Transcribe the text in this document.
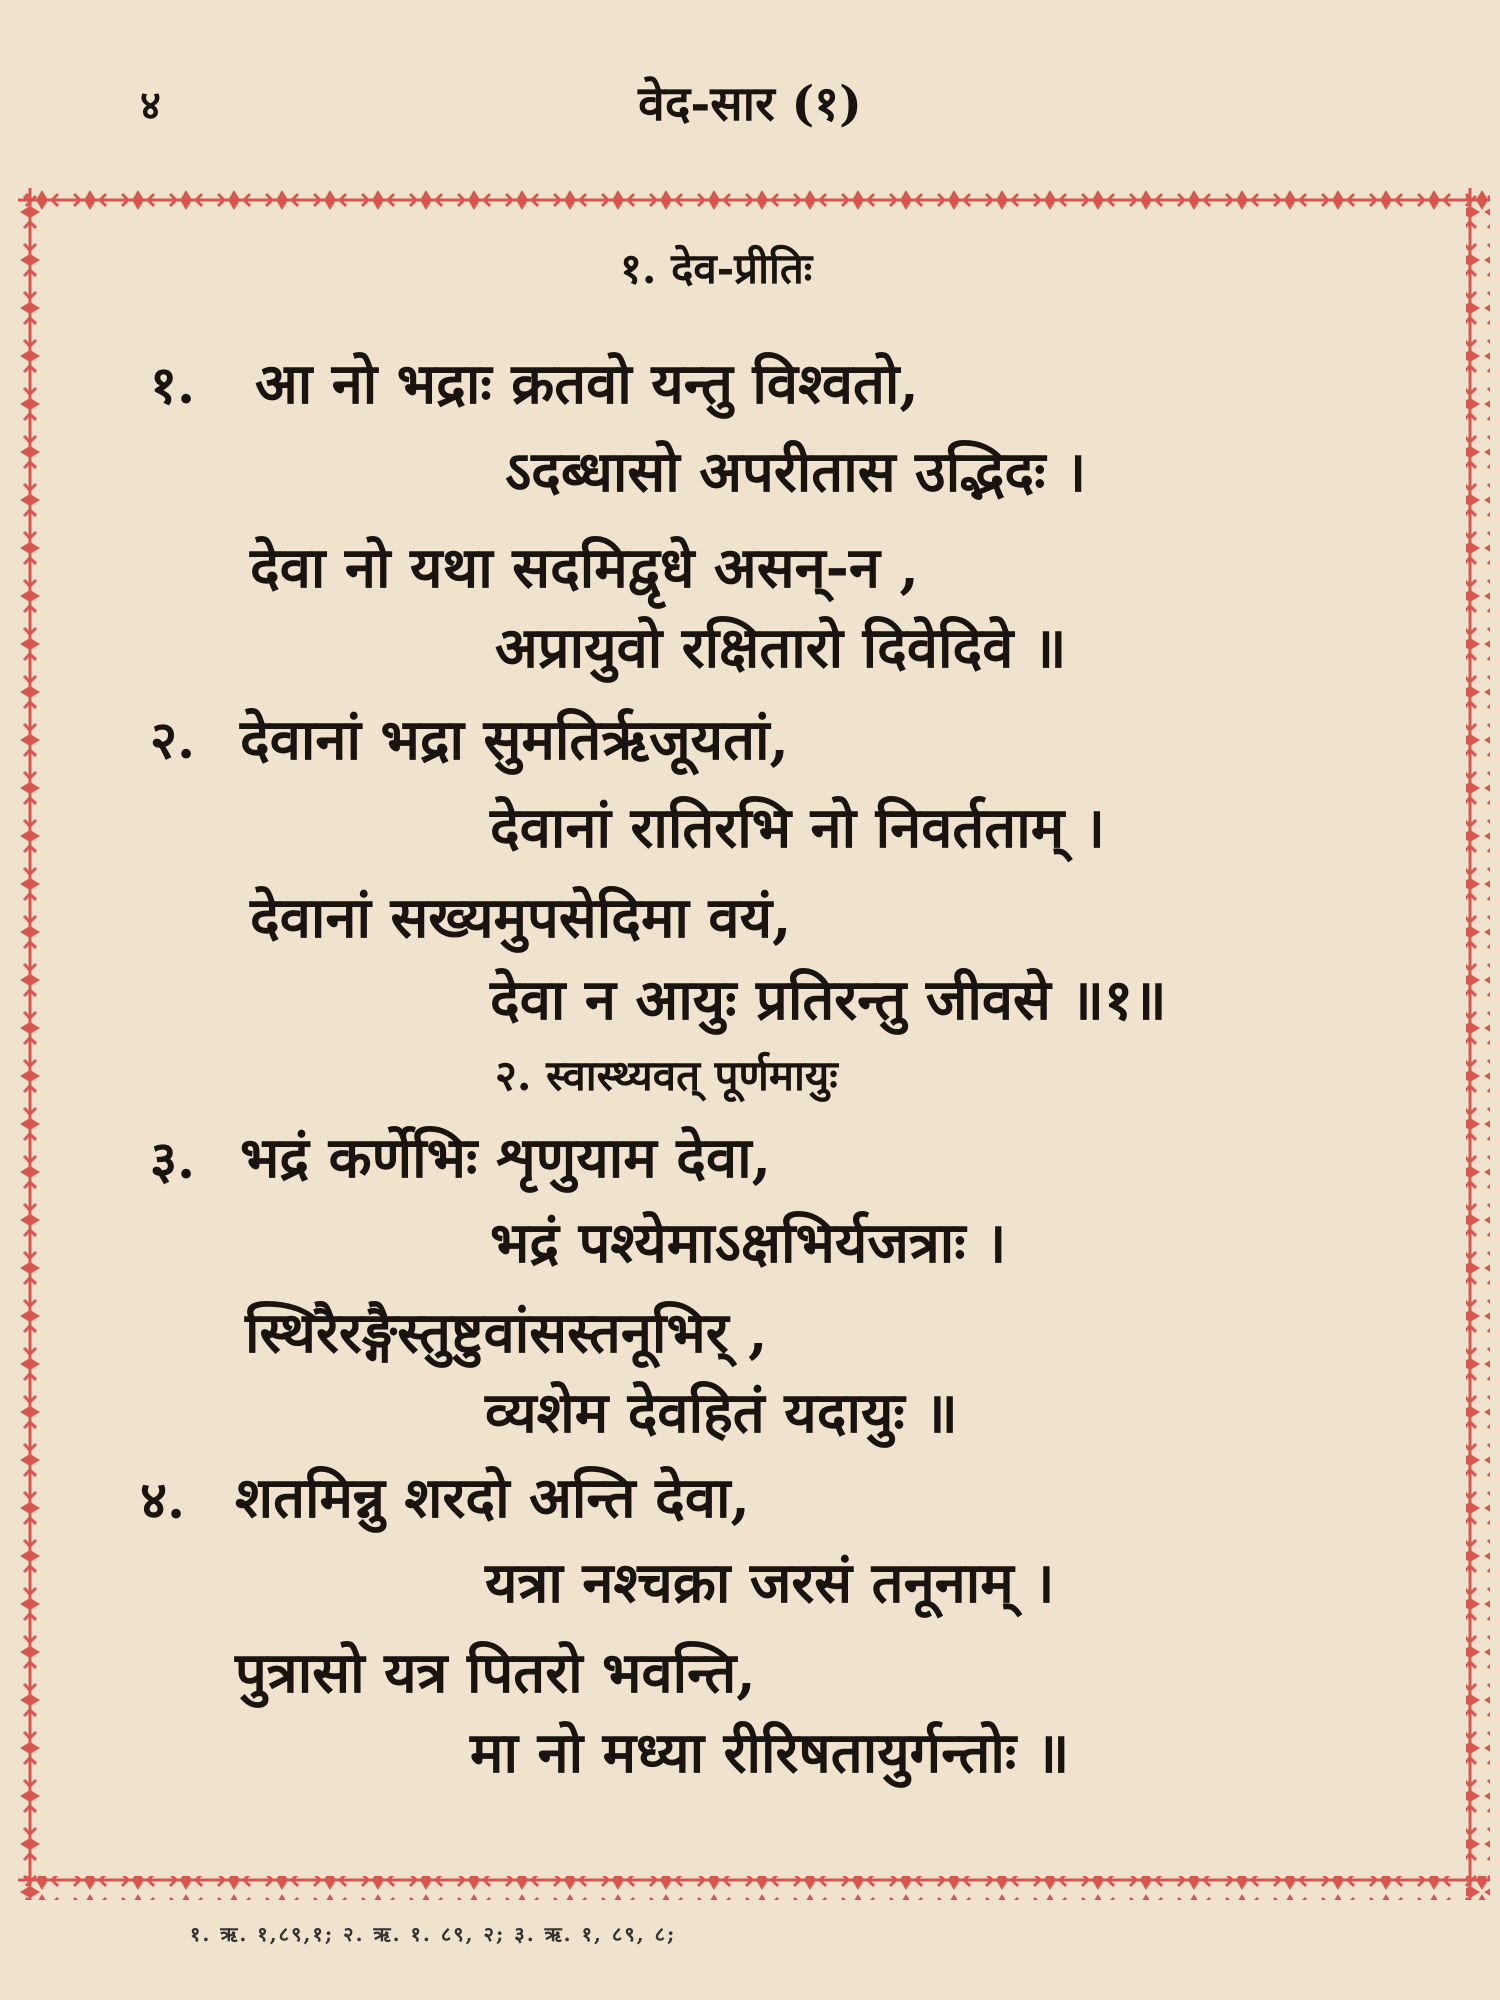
४	वेद-सार (१)
१. देव-प्रीतिः
१. आ नो भद्राः क्रतवो यन्तु विश्वतो,
ऽदब्धासो अपरीतास उद्भिदः ।
देवा नो यथा सदमिद्वृधे असन्-न ,
अप्रायुवो रक्षितारो दिवेदिवे ॥
२. देवानां भद्रा सुमतिर्ऋजूयतां,
देवानां रातिरभि नो निवर्तताम् ।
देवानां सख्यमुपसेदिमा वयं,
देवा न आयुः प्रतिरन्तु जीवसे ॥१॥
२. स्वास्थ्यवत् पूर्णमायुः
३. भद्रं कर्णेभिः शृणुयाम देवा,
भद्रं पश्येमाऽक्षभिर्यजत्राः ।
स्थिरैरङ्गैस्तुष्टुवांसस्तनूभिर् ,
व्यशेम देवहितं यदायुः ॥
४. शतमिन्नु शरदो अन्ति देवा,
यत्रा नश्चक्रा जरसं तनूनाम् ।
पुत्रासो यत्र पितरो भवन्ति,
मा नो मध्या रीरिषतायुर्गन्तोः ॥
१. ऋ. १,८९,१; २. ऋ. १. ८९, २; ३. ऋ. १, ८९, ८;
